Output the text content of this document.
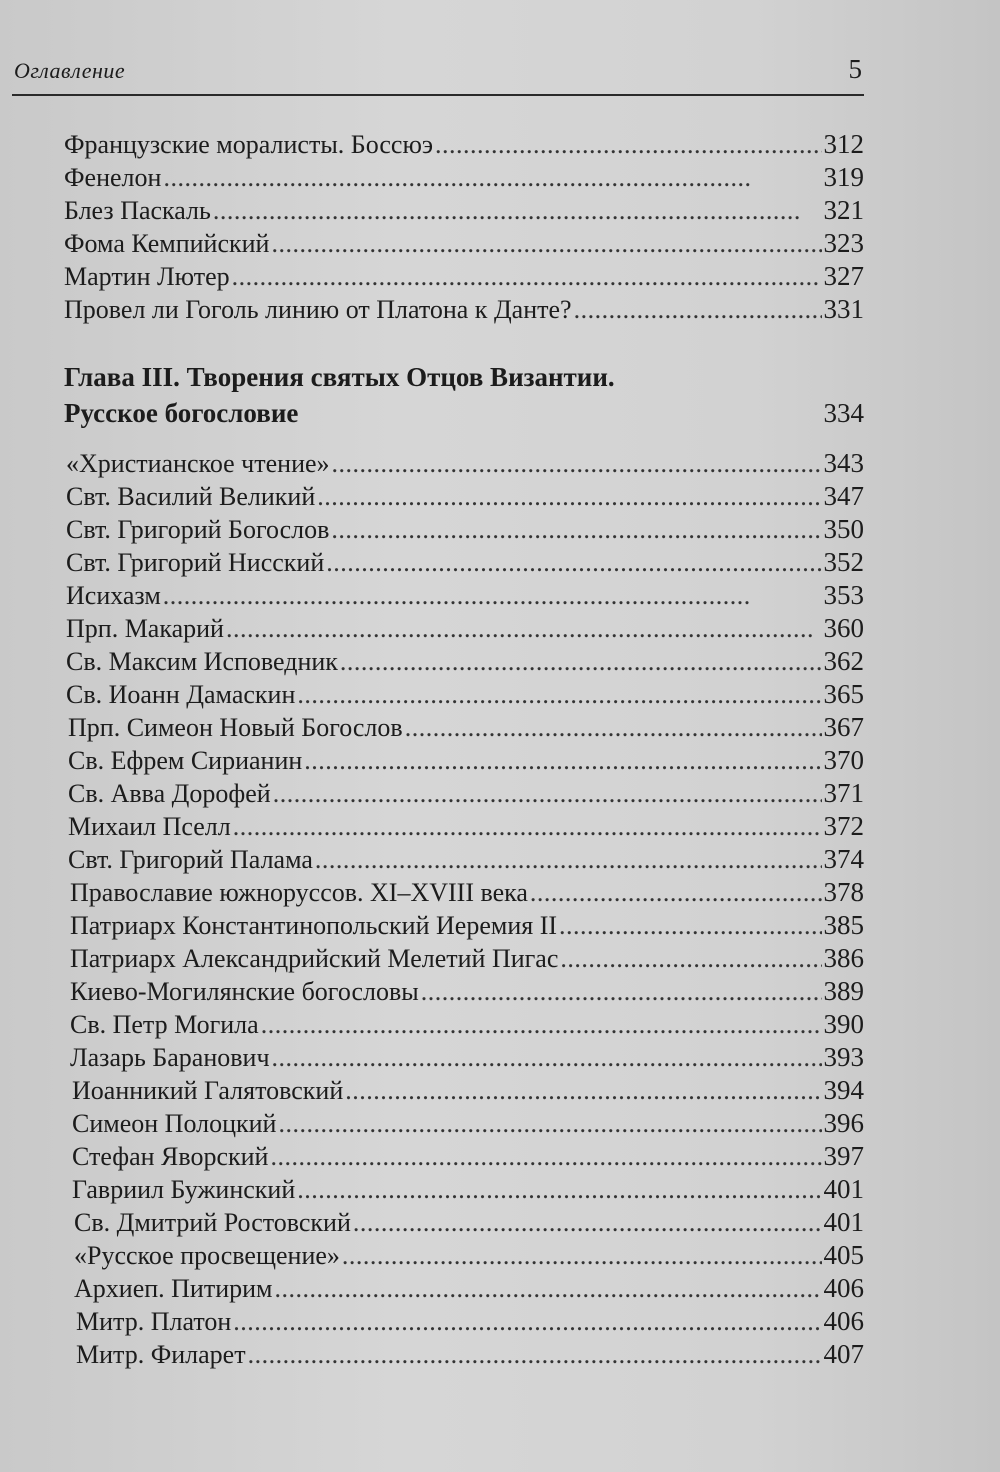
Оглавление	5
Французские моралисты. Боссюэ . . .	312
Фенелон . . .	319
Блез Паскаль . . .	321
Фома Кемпийский . . .	323
Мартин Лютер . . .	327
Провел ли Гоголь линию от Платона к Данте? . . .	331
Глава III. Творения святых Отцов Византии.
Русское богословие	334
«Христианское чтение» . . .	343
Свт. Василий Великий . . .	347
Свт. Григорий Богослов . . .	350
Свт. Григорий Нисский . . .	352
Исихазм . . .	353
Прп. Макарий . . .	360
Св. Максим Исповедник . . .	362
Св. Иоанн Дамаскин . . .	365
Прп. Симеон Новый Богослов . . .	367
Св. Ефрем Сирианин . . .	370
Св. Авва Дорофей . . .	371
Михаил Пселл . . .	372
Свт. Григорий Палама . . .	374
Православие южноруссов. XI–XVIII века . . .	378
Патриарх Константинопольский Иеремия II . . .	385
Патриарх Александрийский Мелетий Пигас . . .	386
Киево-Могилянские богословы . . .	389
Св. Петр Могила . . .	390
Лазарь Баранович . . .	393
Иоанникий Галятовский . . .	394
Симеон Полоцкий . . .	396
Стефан Яворский . . .	397
Гавриил Бужинский . . .	401
Св. Дмитрий Ростовский . . .	401
«Русское просвещение» . . .	405
Архиеп. Питирим . . .	406
Митр. Платон . . .	406
Митр. Филарет . . .	407
